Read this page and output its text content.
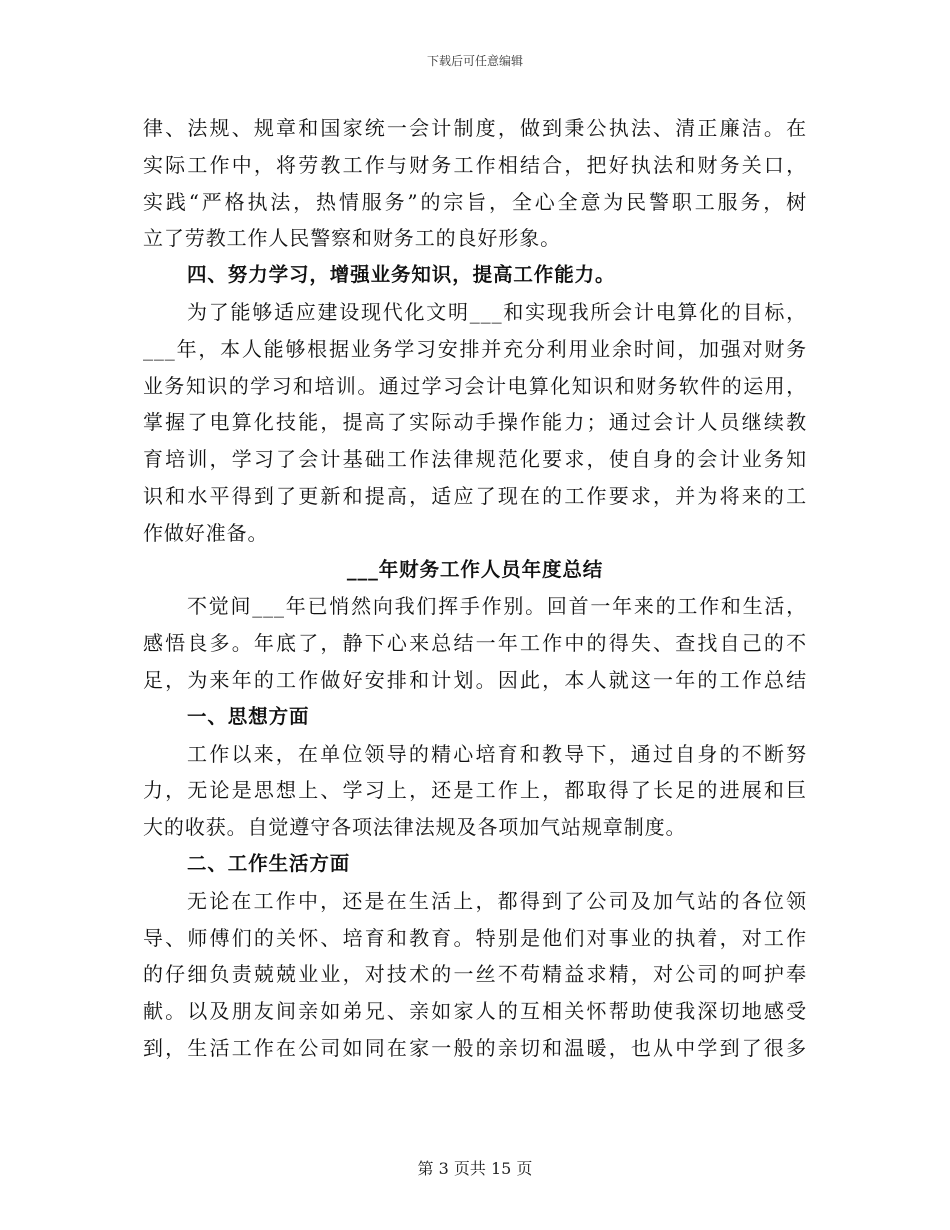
下载后可任意编辑
律、法规、规章和国家统一会计制度，做到秉公执法、清正廉洁。在
实际工作中，将劳教工作与财务工作相结合，把好执法和财务关口，
实践“严格执法，热情服务”的宗旨，全心全意为民警职工服务，树
立了劳教工作人民警察和财务工的良好形象。
四、努力学习，增强业务知识，提高工作能力。
为了能够适应建设现代化文明___和实现我所会计电算化的目标，
___年，本人能够根据业务学习安排并充分利用业余时间，加强对财务
业务知识的学习和培训。通过学习会计电算化知识和财务软件的运用，
掌握了电算化技能，提高了实际动手操作能力；通过会计人员继续教
育培训，学习了会计基础工作法律规范化要求，使自身的会计业务知
识和水平得到了更新和提高，适应了现在的工作要求，并为将来的工
作做好准备。
___年财务工作人员年度总结
不觉间___年已悄然向我们挥手作别。回首一年来的工作和生活，
感悟良多。年底了，静下心来总结一年工作中的得失、查找自己的不
足，为来年的工作做好安排和计划。因此，本人就这一年的工作总结
一、思想方面
工作以来，在单位领导的精心培育和教导下，通过自身的不断努
力，无论是思想上、学习上，还是工作上，都取得了长足的进展和巨
大的收获。自觉遵守各项法律法规及各项加气站规章制度。
二、工作生活方面
无论在工作中，还是在生活上，都得到了公司及加气站的各位领
导、师傅们的关怀、培育和教育。特别是他们对事业的执着，对工作
的仔细负责兢兢业业，对技术的一丝不苟精益求精，对公司的呵护奉
献。以及朋友间亲如弟兄、亲如家人的互相关怀帮助使我深切地感受
到，生活工作在公司如同在家一般的亲切和温暖，也从中学到了很多
第 3 页共 15 页
